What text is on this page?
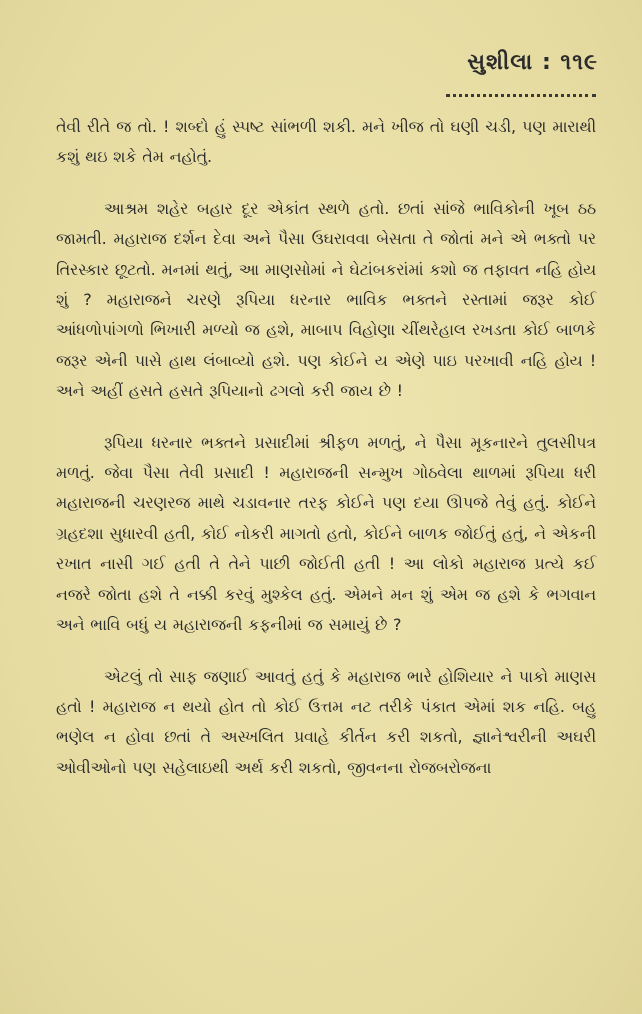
સુશીલા : ૧૧૯

તેવી રીતે જ તો. ! શબ્દો હું સ્પષ્ટ સાંભળી શકી. મને ખીજ તો ઘણી ચડી, પણ મારાથી કશું થઇ શકે તેમ નહોતું.

આશ્રમ શહેર બહાર દૂર એકાંત સ્થળે હતો. છતાં સાંજે ભાવિકોની ખૂબ ઠઠ જામતી. મહારાજ દર્શન દેવા અને પૈસા ઉઘરાવવા બેસતા તે જોતાં મને એ ભક્તો પર તિરસ્કાર છૂટતો. મનમાં થતું, આ માણસોમાં ને ઘેટાંબકરાંમાં કશો જ તફાવત નહિ હોય શું ? મહારાજને ચરણે રૂપિયા ધરનાર ભાવિક ભક્તને રસ્તામાં જરૂર કોઈ આંધળોપાંગળો ભિખારી મળ્યો જ હશે, માબાપ વિહોણા ચીંથરેહાલ રખડતા કોઈ બાળકે જરૂર એની પાસે હાથ લંબાવ્યો હશે. પણ કોઈને ય એણે પાઇ પરખાવી નહિ હોય ! અને અહીં હસતે હસતે રૂપિયાનો ઢગલો કરી જાય છે !

રૂપિયા ધરનાર ભક્તને પ્રસાદીમાં શ્રીફળ મળતું, ને પૈસા મૂકનારને તુલસીપત્ર મળતું. જેવા પૈસા તેવી પ્રસાદી ! મહારાજની સન્મુખ ગોઠવેલા થાળમાં રૂપિયા ધરી મહારાજની ચરણરજ માથે ચડાવનાર તરફ કોઈને પણ દયા ઊપજે તેવું હતું. કોઈને ગ્રહદશા સુધારવી હતી, કોઈ નોકરી માગતો હતો, કોઈને બાળક જોઈતું હતું, ને એકની રખાત નાસી ગઈ હતી તે તેને પાછી જોઈતી હતી ! આ લોકો મહારાજ પ્રત્યે કઈ નજરે જોતા હશે તે નક્કી કરવું મુશ્કેલ હતું. એમને મન શું એમ જ હશે કે ભગવાન અને ભાવિ બધું ય મહારાજની કફનીમાં જ સમાયું છે ?

એટલું તો સાફ જણાઈ આવતું હતું કે મહારાજ ભારે હોશિયાર ને પાકો માણસ હતો ! મહારાજ ન થયો હોત તો કોઈ ઉત્તમ નટ તરીકે પંકાત એમાં શક નહિ. બહુ ભણેલ ન હોવા છતાં તે અસ્ખલિત પ્રવાહે કીર્તન કરી શકતો, જ્ઞાનેશ્વરીની અઘરી ઓવીઓનો પણ સહેલાઇથી અર્થ કરી શકતો, જીવનના રોજબરોજના
